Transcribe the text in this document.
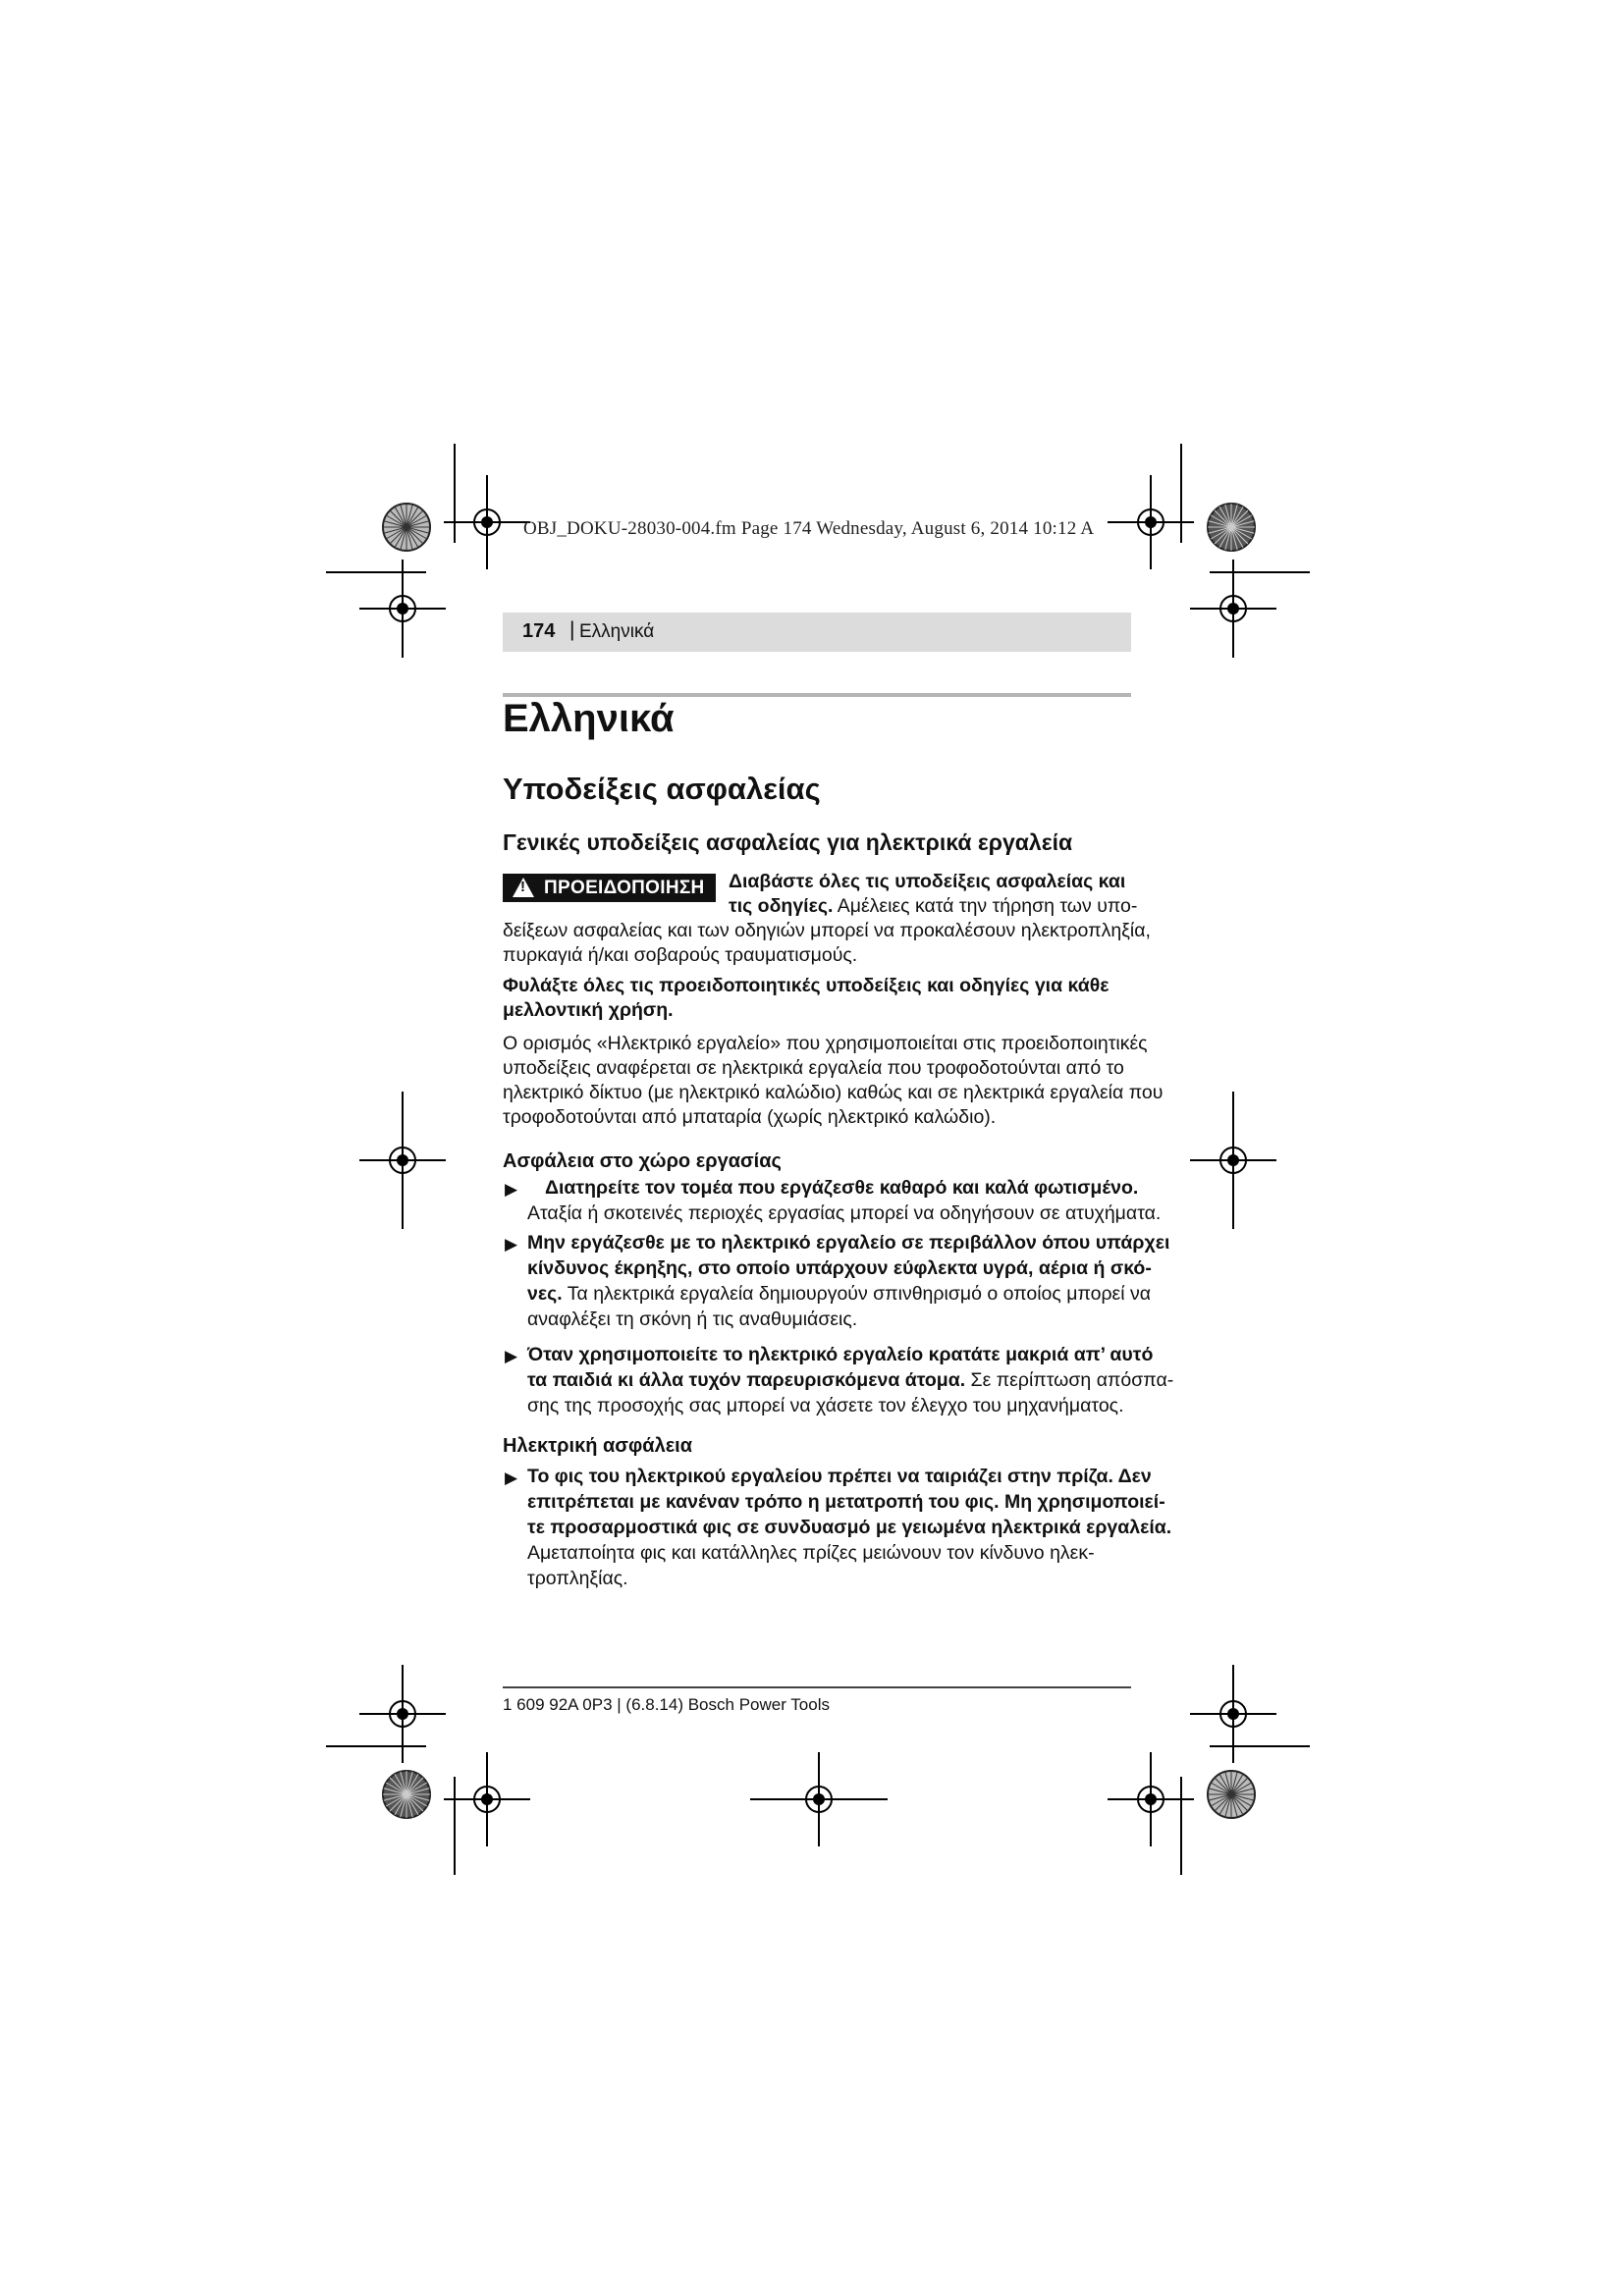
OBJ_DOKU-28030-004.fm Page 174 Wednesday, August 6, 2014 10:12 A
174 | Ελληνικά
Ελληνικά
Υποδείξεις ασφαλείας
Γενικές υποδείξεις ασφαλείας για ηλεκτρικά εργαλεία
! ΠΡΟΕΙΔΟΠΟΙΗΣΗ Διαβάστε όλες τις υποδείξεις ασφαλείας και
τις οδηγίες. Αμέλειες κατά την τήρηση των υπο-
δείξεων ασφαλείας και των οδηγιών μπορεί να προκαλέσουν ηλεκτροπληξία,
πυρκαγιά ή/και σοβαρούς τραυματισμούς.
Φυλάξτε όλες τις προειδοποιητικές υποδείξεις και οδηγίες για κάθε
μελλοντική χρήση.
Ο ορισμός «Ηλεκτρικό εργαλείο» που χρησιμοποιείται στις προειδοποιητικές
υποδείξεις αναφέρεται σε ηλεκτρικά εργαλεία που τροφοδοτούνται από το
ηλεκτρικό δίκτυο (με ηλεκτρικό καλώδιο) καθώς και σε ηλεκτρικά εργαλεία που
τροφοδοτούνται από μπαταρία (χωρίς ηλεκτρικό καλώδιο).
Ασφάλεια στο χώρο εργασίας
▶ Διατηρείτε τον τομέα που εργάζεσθε καθαρό και καλά φωτισμένο.
Αταξία ή σκοτεινές περιοχές εργασίας μπορεί να οδηγήσουν σε ατυχήματα.
▶ Μην εργάζεσθε με το ηλεκτρικό εργαλείο σε περιβάλλον όπου υπάρχει
κίνδυνος έκρηξης, στο οποίο υπάρχουν εύφλεκτα υγρά, αέρια ή σκό-
νες. Τα ηλεκτρικά εργαλεία δημιουργούν σπινθηρισμό ο οποίος μπορεί να
αναφλέξει τη σκόνη ή τις αναθυμιάσεις.
▶ Όταν χρησιμοποιείτε το ηλεκτρικό εργαλείο κρατάτε μακριά απ’ αυτό
τα παιδιά κι άλλα τυχόν παρευρισκόμενα άτομα. Σε περίπτωση απόσπα-
σης της προσοχής σας μπορεί να χάσετε τον έλεγχο του μηχανήματος.
Ηλεκτρική ασφάλεια
▶ Το φις του ηλεκτρικού εργαλείου πρέπει να ταιριάζει στην πρίζα. Δεν
επιτρέπεται με κανέναν τρόπο η μετατροπή του φις. Μη χρησιμοποιεί-
τε προσαρμοστικά φις σε συνδυασμό με γειωμένα ηλεκτρικά εργαλεία.
Αμεταποίητα φις και κατάλληλες πρίζες μειώνουν τον κίνδυνο ηλεκ-
τροπληξίας.
1 609 92A 0P3 | (6.8.14) Bosch Power Tools
